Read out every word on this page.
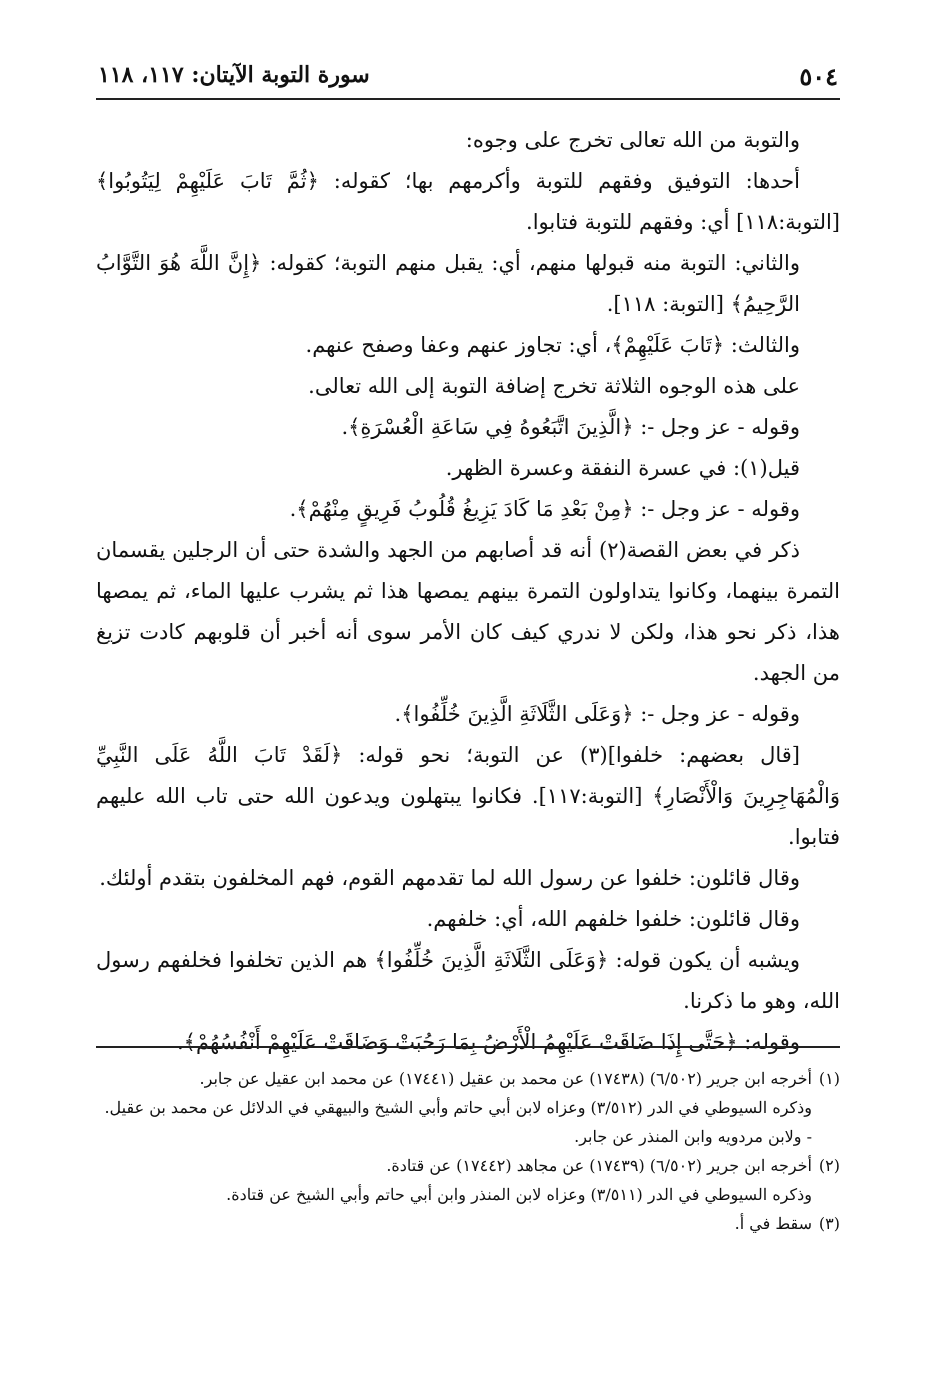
٥٠٤
سورة التوبة الآيتان: ١١٧، ١١٨

والتوبة من الله تعالى تخرج على وجوه:

أحدها: التوفيق وفقهم للتوبة وأكرمهم بها؛ كقوله: ﴿ثُمَّ تَابَ عَلَيْهِمْ لِيَتُوبُوا﴾ [التوبة:١١٨] أي: وفقهم للتوبة فتابوا.

والثاني: التوبة منه قبولها منهم، أي: يقبل منهم التوبة؛ كقوله: ﴿إِنَّ اللَّهَ هُوَ التَّوَّابُ الرَّحِيمُ﴾ [التوبة: ١١٨].

والثالث: ﴿تَابَ عَلَيْهِمْ﴾، أي: تجاوز عنهم وعفا وصفح عنهم.

على هذه الوجوه الثلاثة تخرج إضافة التوبة إلى الله تعالى.

وقوله - عز وجل -: ﴿الَّذِينَ اتَّبَعُوهُ فِي سَاعَةِ الْعُسْرَةِ﴾.

قيل(١): في عسرة النفقة وعسرة الظهر.

وقوله - عز وجل -: ﴿مِنْ بَعْدِ مَا كَادَ يَزِيغُ قُلُوبُ فَرِيقٍ مِنْهُمْ﴾.

ذكر في بعض القصة(٢) أنه قد أصابهم من الجهد والشدة حتى أن الرجلين يقسمان التمرة بينهما، وكانوا يتداولون التمرة بينهم يمصها هذا ثم يشرب عليها الماء، ثم يمصها هذا، ذكر نحو هذا، ولكن لا ندري كيف كان الأمر سوى أنه أخبر أن قلوبهم كادت تزيغ من الجهد.

وقوله - عز وجل -: ﴿وَعَلَى الثَّلَاثَةِ الَّذِينَ خُلِّفُوا﴾.

[قال بعضهم: خلفوا](٣) عن التوبة؛ نحو قوله: ﴿لَقَدْ تَابَ اللَّهُ عَلَى النَّبِيِّ وَالْمُهَاجِرِينَ وَالْأَنْصَارِ﴾ [التوبة:١١٧]. فكانوا يبتهلون ويدعون الله حتى تاب الله عليهم فتابوا.

وقال قائلون: خلفوا عن رسول الله لما تقدمهم القوم، فهم المخلفون بتقدم أولئك.

وقال قائلون: خلفوا خلفهم الله، أي: خلفهم.

ويشبه أن يكون قوله: ﴿وَعَلَى الثَّلَاثَةِ الَّذِينَ خُلِّفُوا﴾ هم الذين تخلفوا فخلفهم رسول الله، وهو ما ذكرنا.

وقوله: ﴿حَتَّى إِذَا ضَاقَتْ عَلَيْهِمُ الْأَرْضُ بِمَا رَحُبَتْ وَضَاقَتْ عَلَيْهِمْ أَنْفُسُهُمْ﴾.

(١)أخرجه ابن جرير (٦/٥٠٢) (١٧٤٣٨) عن محمد بن عقيل (١٧٤٤١) عن محمد ابن عقيل عن جابر.

وذكره السيوطي في الدر (٣/٥١٢) وعزاه لابن أبي حاتم وأبي الشيخ والبيهقي في الدلائل عن محمد بن عقيل.

- ولابن مردويه وابن المنذر عن جابر.

(٢)أخرجه ابن جرير (٦/٥٠٢) (١٧٤٣٩) عن مجاهد (١٧٤٤٢) عن قتادة.

وذكره السيوطي في الدر (٣/٥١١) وعزاه لابن المنذر وابن أبي حاتم وأبي الشيخ عن قتادة.

(٣)سقط في أ.
